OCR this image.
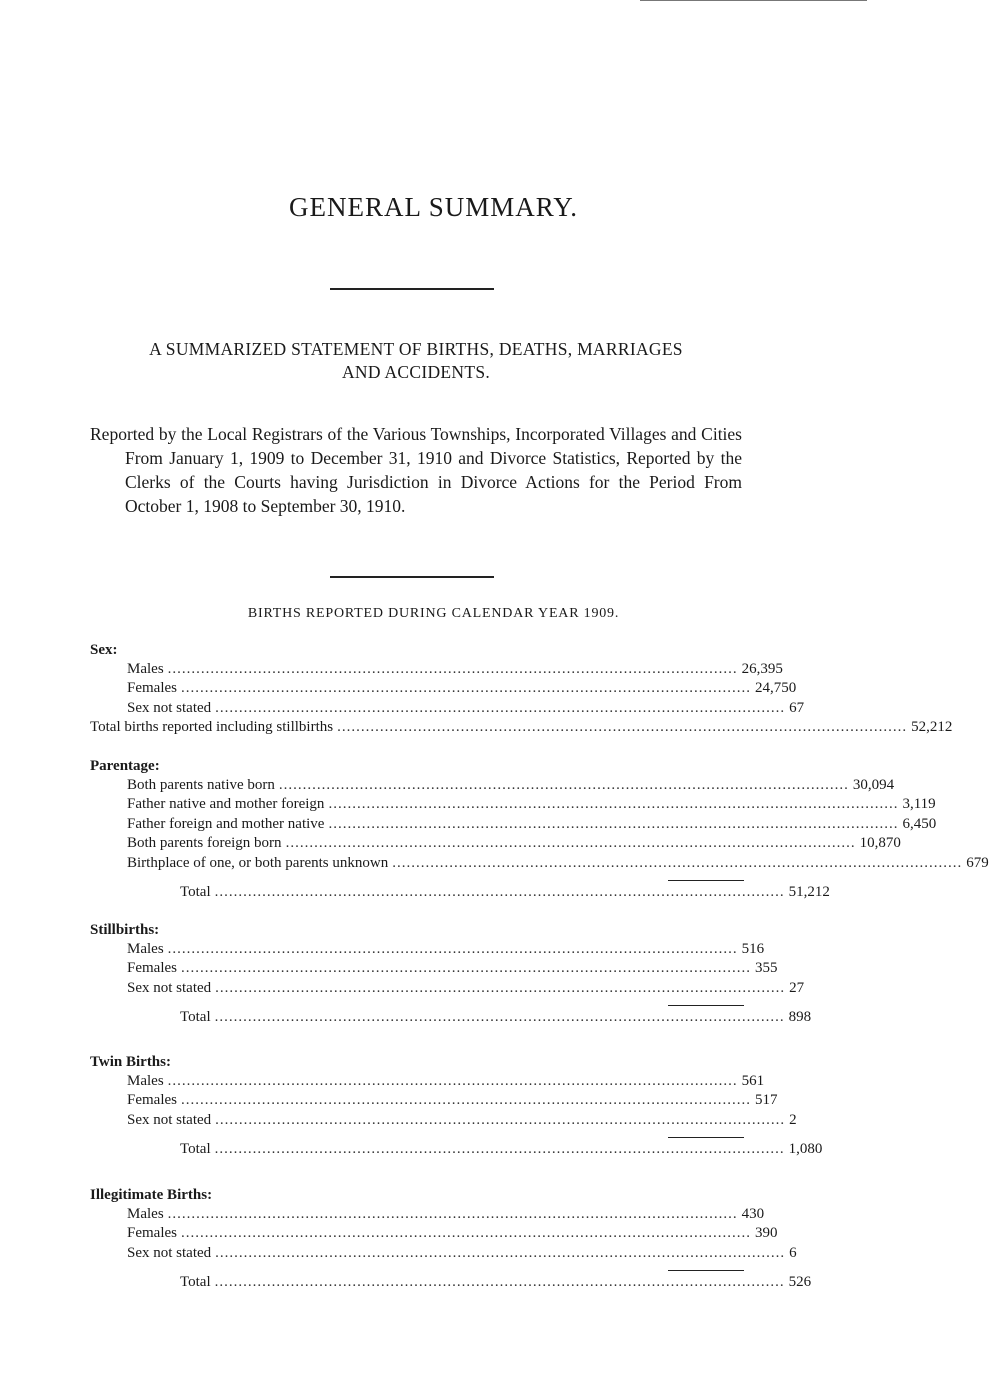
GENERAL SUMMARY.
A SUMMARIZED STATEMENT OF BIRTHS, DEATHS, MARRIAGES
AND ACCIDENTS.
Reported by the Local Registrars of the Various Townships, Incorporated Villages and Cities From January 1, 1909 to December 31, 1910 and Divorce Statistics, Reported by the Clerks of the Courts having Jurisdiction in Divorce Actions for the Period From October 1, 1908 to September 30, 1910.
BIRTHS REPORTED DURING CALENDAR YEAR 1909.
Sex:
Males ........................................................................................................................ 26,395
Females ........................................................................................................................ 24,750
Sex not stated ........................................................................................................................ 67
Total births reported including stillbirths ........................................................................................................................ 52,212
Parentage:
Both parents native born ........................................................................................................................ 30,094
Father native and mother foreign ........................................................................................................................ 3,119
Father foreign and mother native ........................................................................................................................ 6,450
Both parents foreign born ........................................................................................................................ 10,870
Birthplace of one, or both parents unknown ........................................................................................................................ 679
Total ........................................................................................................................ 51,212
Stillbirths:
Males ........................................................................................................................ 516
Females ........................................................................................................................ 355
Sex not stated ........................................................................................................................ 27
Total ........................................................................................................................ 898
Twin Births:
Males ........................................................................................................................ 561
Females ........................................................................................................................ 517
Sex not stated ........................................................................................................................ 2
Total ........................................................................................................................ 1,080
Illegitimate Births:
Males ........................................................................................................................ 430
Females ........................................................................................................................ 390
Sex not stated ........................................................................................................................ 6
Total ........................................................................................................................ 526
